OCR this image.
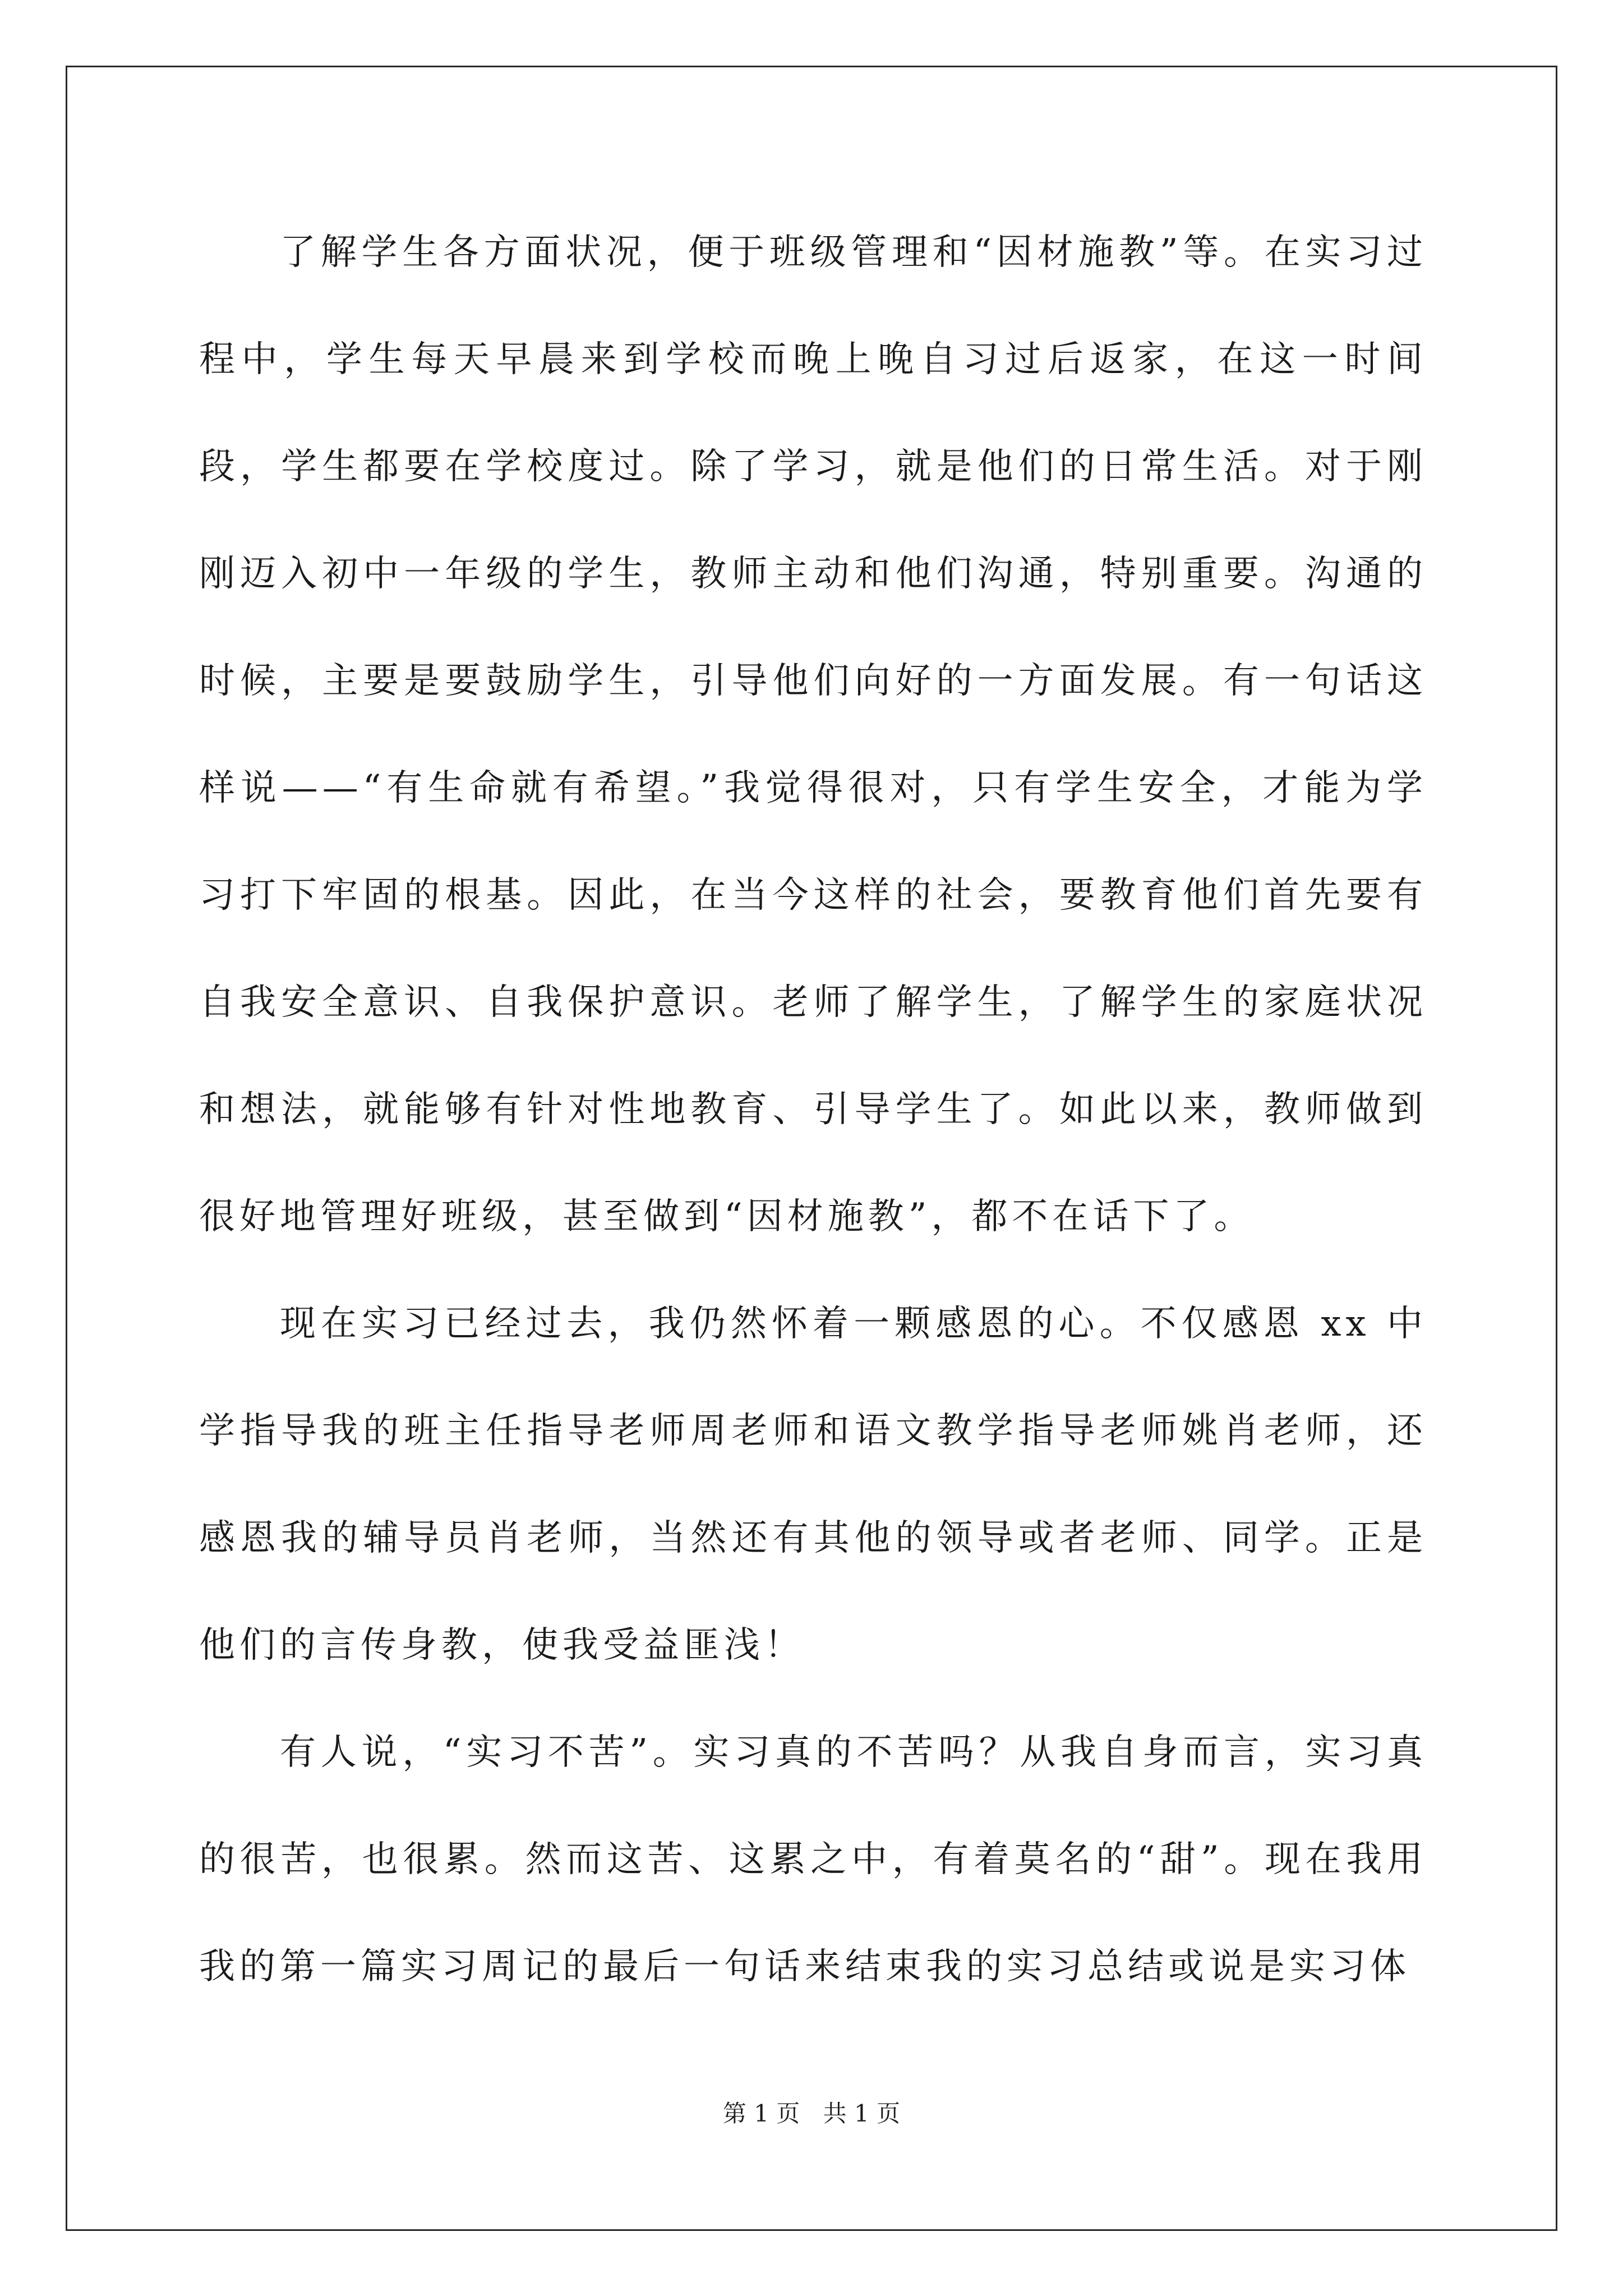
了解学生各方面状况，便于班级管理和“因材施教”等。在实习过程中，学生每天早晨来到学校而晚上晚自习过后返家，在这一时间段，学生都要在学校度过。除了学习，就是他们的日常生活。对于刚刚迈入初中一年级的学生，教师主动和他们沟通，特别重要。沟通的时候，主要是要鼓励学生，引导他们向好的一方面发展。有一句话这样说——“有生命就有希望。”我觉得很对，只有学生安全，才能为学习打下牢固的根基。因此，在当今这样的社会，要教育他们首先要有自我安全意识、自我保护意识。老师了解学生，了解学生的家庭状况和想法，就能够有针对性地教育、引导学生了。如此以来，教师做到很好地管理好班级，甚至做到“因材施教”，都不在话下了。

现在实习已经过去，我仍然怀着一颗感恩的心。不仅感恩 xx 中学指导我的班主任指导老师周老师和语文教学指导老师姚肖老师，还感恩我的辅导员肖老师，当然还有其他的领导或者老师、同学。正是他们的言传身教，使我受益匪浅！

有人说，“实习不苦”。实习真的不苦吗？从我自身而言，实习真的很苦，也很累。然而这苦、这累之中，有着莫名的“甜”。现在我用我的第一篇实习周记的最后一句话来结束我的实习总结或说是实习体

第 1 页 共 1 页
